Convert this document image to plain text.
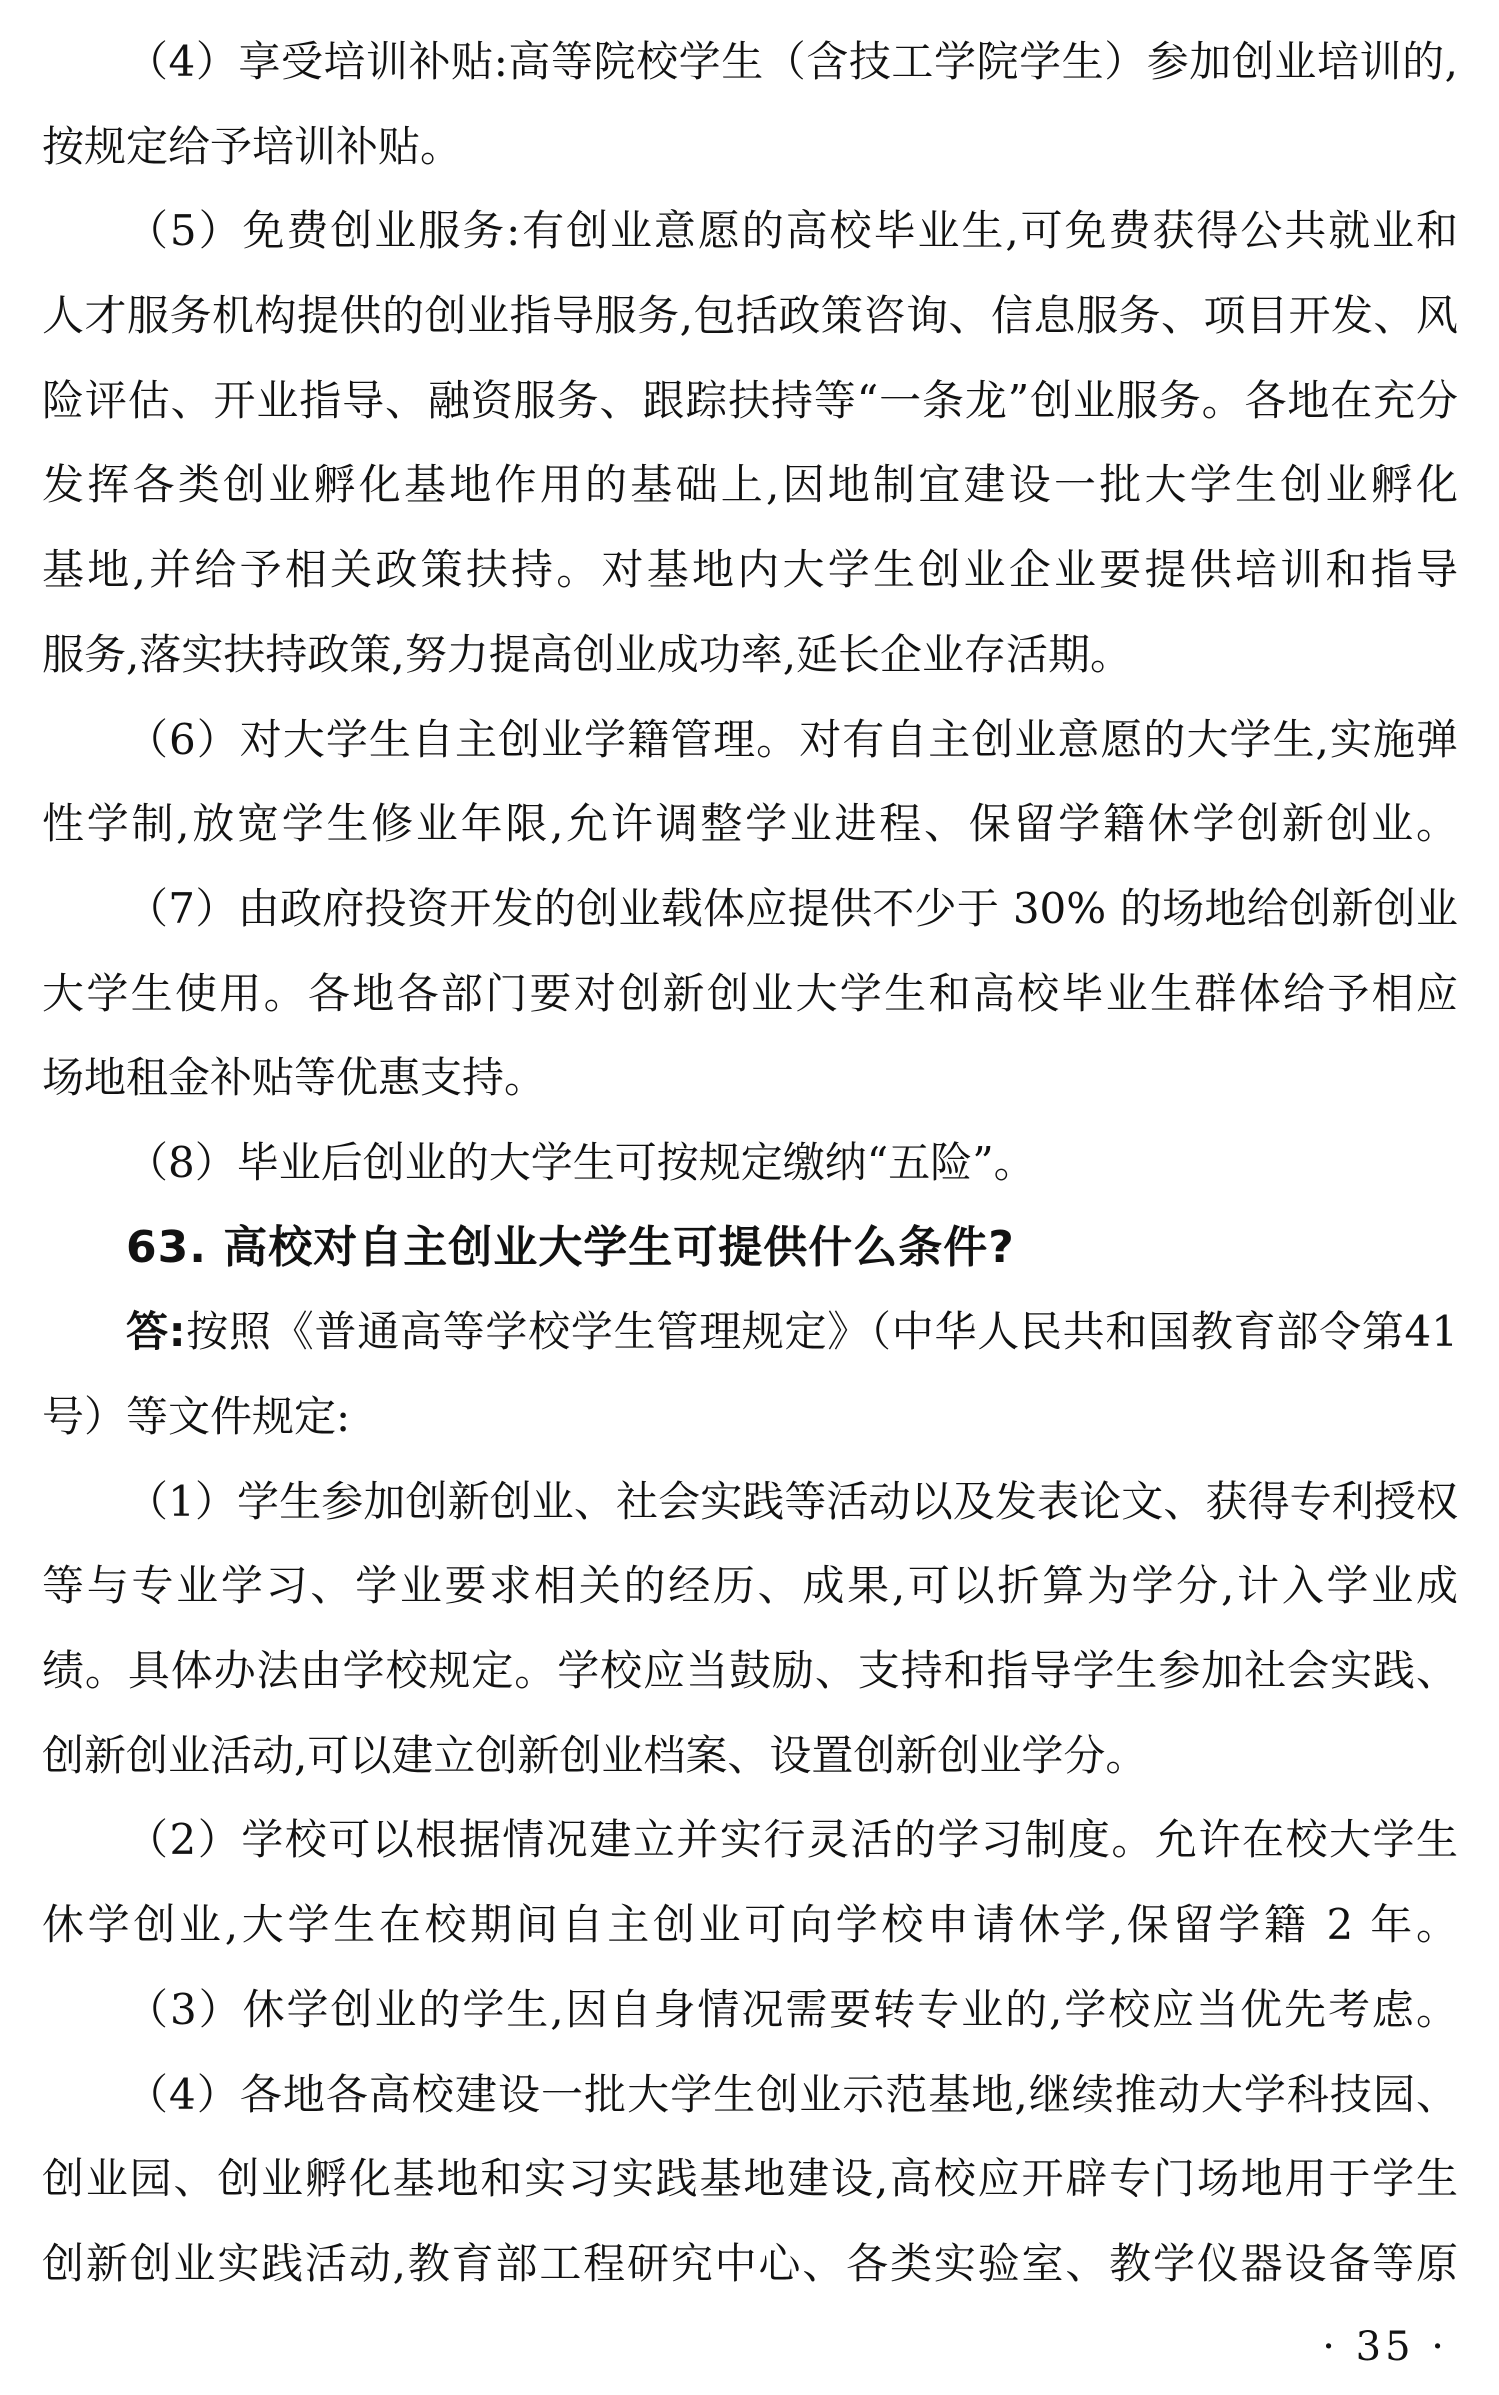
（4）享受培训补贴:高等院校学生（含技工学院学生）参加创业培训的,
按规定给予培训补贴。
（5）免费创业服务:有创业意愿的高校毕业生,可免费获得公共就业和
人才服务机构提供的创业指导服务,包括政策咨询、信息服务、项目开发、风
险评估、开业指导、融资服务、跟踪扶持等“一条龙”创业服务。各地在充分
发挥各类创业孵化基地作用的基础上,因地制宜建设一批大学生创业孵化
基地,并给予相关政策扶持。对基地内大学生创业企业要提供培训和指导
服务,落实扶持政策,努力提高创业成功率,延长企业存活期。
（6）对大学生自主创业学籍管理。对有自主创业意愿的大学生,实施弹
性学制,放宽学生修业年限,允许调整学业进程、保留学籍休学创新创业。
（7）由政府投资开发的创业载体应提供不少于 30% 的场地给创新创业
大学生使用。各地各部门要对创新创业大学生和高校毕业生群体给予相应
场地租金补贴等优惠支持。
（8）毕业后创业的大学生可按规定缴纳“五险”。
63. 高校对自主创业大学生可提供什么条件?
答:按照《普通高等学校学生管理规定》（中华人民共和国教育部令第41
号）等文件规定:
（1）学生参加创新创业、社会实践等活动以及发表论文、获得专利授权
等与专业学习、学业要求相关的经历、成果,可以折算为学分,计入学业成
绩。具体办法由学校规定。学校应当鼓励、支持和指导学生参加社会实践、
创新创业活动,可以建立创新创业档案、设置创新创业学分。
（2）学校可以根据情况建立并实行灵活的学习制度。允许在校大学生
休学创业,大学生在校期间自主创业可向学校申请休学,保留学籍 2 年。
（3）休学创业的学生,因自身情况需要转专业的,学校应当优先考虑。
（4）各地各高校建设一批大学生创业示范基地,继续推动大学科技园、
创业园、创业孵化基地和实习实践基地建设,高校应开辟专门场地用于学生
创新创业实践活动,教育部工程研究中心、各类实验室、教学仪器设备等原
· 35 ·
